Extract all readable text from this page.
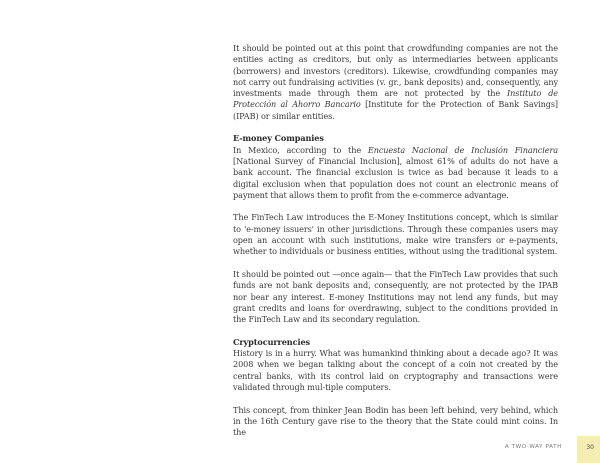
It should be pointed out at this point that crowdfunding companies are not the entities acting as creditors, but only as intermediaries between applicants (borrowers) and investors (creditors). Likewise, crowdfunding companies may not carry out fundraising activities (v. gr., bank deposits) and, consequently, any investments made through them are not protected by the Instituto de Protección al Ahorro Bancario [Institute for the Protection of Bank Savings] (IPAB) or similar entities.

E-money Companies

In Mexico, according to the Encuesta Nacional de Inclusión Financiera [National Survey of Financial Inclusion], almost 61% of adults do not have a bank account. The financial exclusion is twice as bad because it leads to a digital exclusion when that population does not count an electronic means of payment that allows them to profit from the e-commerce advantage.

The FinTech Law introduces the E-Money Institutions concept, which is similar to 'e-money issuers' in other jurisdictions. Through these companies users may open an account with such institutions, make wire transfers or e-payments, whether to individuals or business entities, without using the traditional system.

It should be pointed out —once again— that the FinTech Law provides that such funds are not bank deposits and, consequently, are not protected by the IPAB nor bear any interest. E-money Institutions may not lend any funds, but may grant credits and loans for overdrawing, subject to the conditions provided in the FinTech Law and its secondary regulation.

Cryptocurrencies

History is in a hurry. What was humankind thinking about a decade ago? It was 2008 when we began talking about the concept of a coin not created by the central banks, with its control laid on cryptography and transactions were validated through mul-tiple computers.

This concept, from thinker Jean Bodin has been left behind, very behind, which in the 16th Century gave rise to the theory that the State could mint coins. In the

A TWO-WAY PATH	30
